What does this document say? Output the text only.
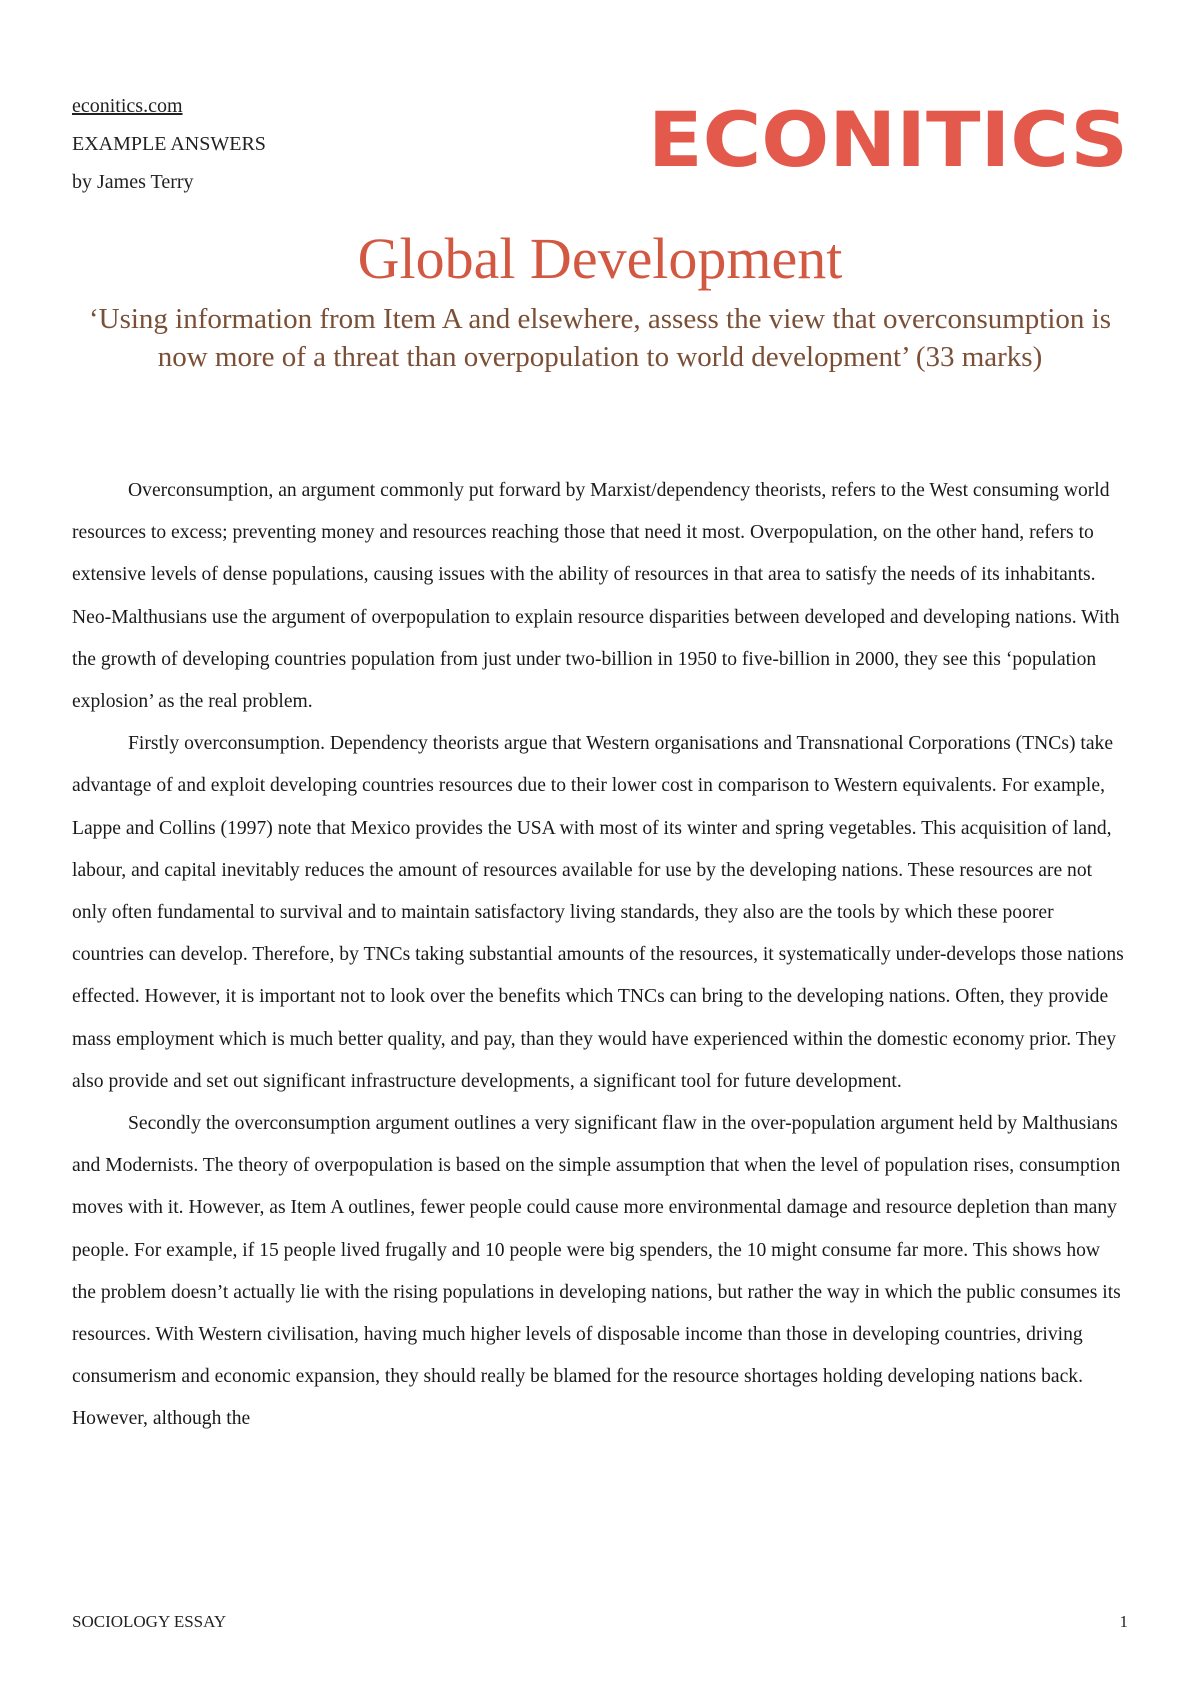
econitics.com
EXAMPLE ANSWERS
by James Terry	ECONITICS
Global Development
‘Using information from Item A and elsewhere, assess the view that overconsumption is now more of a threat than overpopulation to world development’ (33 marks)

Overconsumption, an argument commonly put forward by Marxist/dependency theorists, refers to the West consuming world resources to excess; preventing money and resources reaching those that need it most. Overpopulation, on the other hand, refers to extensive levels of dense populations, causing issues with the ability of resources in that area to satisfy the needs of its inhabitants. Neo-Malthusians use the argument of overpopulation to explain resource disparities between developed and developing nations. With the growth of developing countries population from just under two-billion in 1950 to five-billion in 2000, they see this ‘population explosion’ as the real problem.

Firstly overconsumption. Dependency theorists argue that Western organisations and Transnational Corporations (TNCs) take advantage of and exploit developing countries resources due to their lower cost in comparison to Western equivalents. For example, Lappe and Collins (1997) note that Mexico provides the USA with most of its winter and spring vegetables. This acquisition of land, labour, and capital inevitably reduces the amount of resources available for use by the developing nations. These resources are not only often fundamental to survival and to maintain satisfactory living standards, they also are the tools by which these poorer countries can develop. Therefore, by TNCs taking substantial amounts of the resources, it systematically under-develops those nations effected. However, it is important not to look over the benefits which TNCs can bring to the developing nations. Often, they provide mass employment which is much better quality, and pay, than they would have experienced within the domestic economy prior. They also provide and set out significant infrastructure developments, a significant tool for future development.

Secondly the overconsumption argument outlines a very significant flaw in the over-population argument held by Malthusians and Modernists. The theory of overpopulation is based on the simple assumption that when the level of population rises, consumption moves with it. However, as Item A outlines, fewer people could cause more environmental damage and resource depletion than many people. For example, if 15 people lived frugally and 10 people were big spenders, the 10 might consume far more. This shows how the problem doesn’t actually lie with the rising populations in developing nations, but rather the way in which the public consumes its resources. With Western civilisation, having much higher levels of disposable income than those in developing countries, driving consumerism and economic expansion, they should really be blamed for the resource shortages holding developing nations back. However, although the

SOCIOLOGY ESSAY	1
